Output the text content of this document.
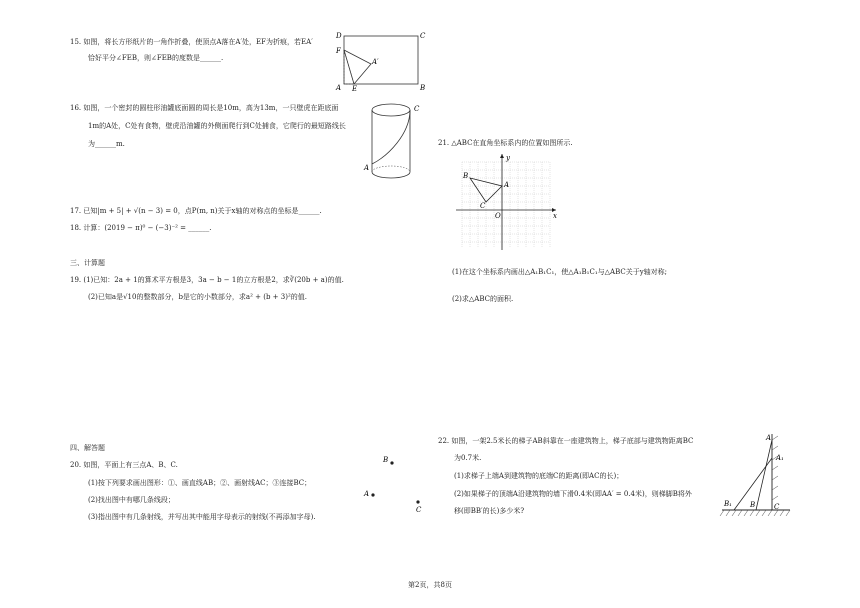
15. 如图，将长方形纸片的一角作折叠，使顶点A落在A′处，EF为折痕，若EA′
恰好平分∠FEB，则∠FEB的度数是______.
D	C
F
A′
A E	B
16. 如图，一个密封的圆柱形油罐底面圆的周长是10m，高为13m，一只壁虎在距底面
1m的A处，C处有食物，壁虎沿油罐的外侧面爬行到C处捕食，它爬行的最短路线长
为______m.
C
A
17. 已知|m + 5| + √(n − 3) = 0，点P(m, n)关于x轴的对称点的坐标是______.
18. 计算：(2019 − π)⁰ − (−3)⁻² = ______.
三、计算题
19. (1)已知：2a + 1的算术平方根是3，3a − b − 1的立方根是2，求∛(20b + a)的值.
(2)已知a是√10的整数部分，b是它的小数部分，求a² + (b + 3)²的值.
四、解答题
20. 如图，平面上有三点A、B、C.
(1)按下列要求画出图形：①、画直线AB；②、画射线AC；③连接BC；
(2)找出图中有哪几条线段；
(3)指出图中有几条射线，并写出其中能用字母表示的射线(不再添加字母).
B
A
C
21. △ABC在直角坐标系内的位置如图所示.
y
B
A
C
O	x
(1)在这个坐标系内画出△A₁B₁C₁，使△A₁B₁C₁与△ABC关于y轴对称;
(2)求△ABC的面积.
22. 如图，一架2.5米长的梯子AB斜靠在一座建筑物上，梯子底部与建筑物距离BC
为0.7米.
(1)求梯子上端A到建筑物的底端C的距离(即AC的长)；
(2)如果梯子的顶端A沿建筑物的墙下滑0.4米(即AA′ = 0.4米)，则梯脚B将外
移(即BB′的长)多少米?
A
A₁
B₁	B	C
第2页，共8页
